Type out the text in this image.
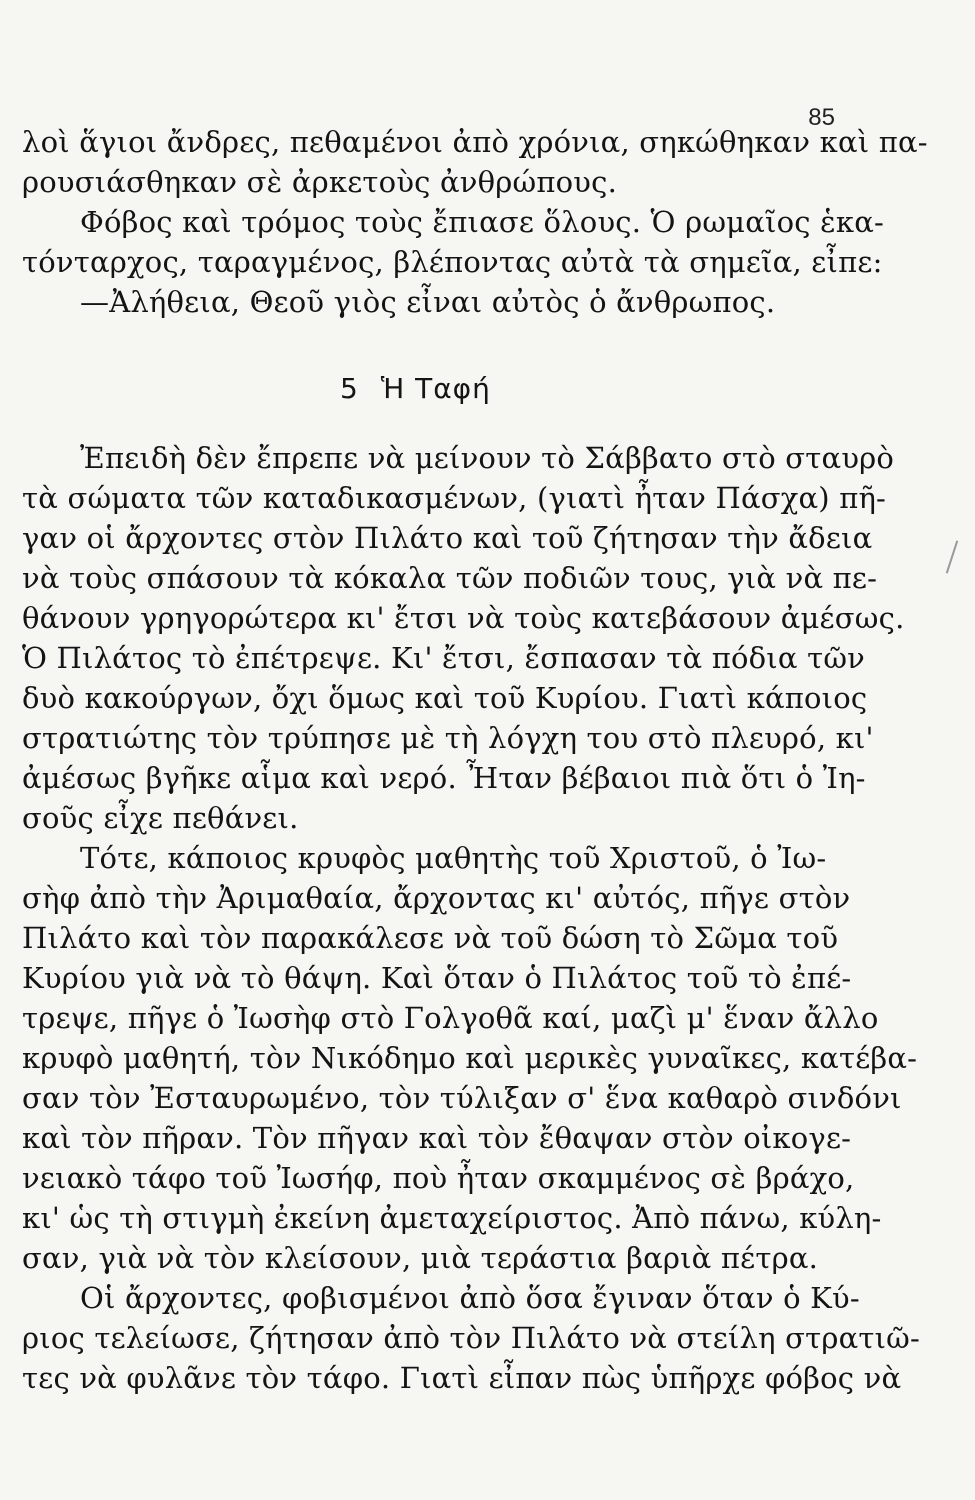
85
λοὶ ἅγιοι ἄνδρες, πεθαμένοι ἀπὸ χρόνια, σηκώθηκαν καὶ πα-
ρουσιάσθηκαν σὲ ἀρκετοὺς ἀνθρώπους.
Φόβος καὶ τρόμος τοὺς ἔπιασε ὅλους. Ὁ ρωμαῖος ἑκα-
τόνταρχος, ταραγμένος, βλέποντας αὐτὰ τὰ σημεῖα, εἶπε:
—Ἀλήθεια, Θεοῦ γιὸς εἶναι αὐτὸς ὁ ἄνθρωπος.
5 Ἡ Ταφή
Ἐπειδὴ δὲν ἔπρεπε νὰ μείνουν τὸ Σάββατο στὸ σταυρὸ
τὰ σώματα τῶν καταδικασμένων, (γιατὶ ἦταν Πάσχα) πῆ-
γαν οἱ ἄρχοντες στὸν Πιλάτο καὶ τοῦ ζήτησαν τὴν ἄδεια
νὰ τοὺς σπάσουν τὰ κόκαλα τῶν ποδιῶν τους, γιὰ νὰ πε-
θάνουν γρηγορώτερα κι' ἔτσι νὰ τοὺς κατεβάσουν ἀμέσως.
Ὁ Πιλάτος τὸ ἐπέτρεψε. Κι' ἔτσι, ἔσπασαν τὰ πόδια τῶν
δυὸ κακούργων, ὄχι ὅμως καὶ τοῦ Κυρίου. Γιατὶ κάποιος
στρατιώτης τὸν τρύπησε μὲ τὴ λόγχη του στὸ πλευρό, κι'
ἀμέσως βγῆκε αἷμα καὶ νερό. Ἦταν βέβαιοι πιὰ ὅτι ὁ Ἰη-
σοῦς εἶχε πεθάνει.
Τότε, κάποιος κρυφὸς μαθητὴς τοῦ Χριστοῦ, ὁ Ἰω-
σὴφ ἀπὸ τὴν Ἀριμαθαία, ἄρχοντας κι' αὐτός, πῆγε στὸν
Πιλάτο καὶ τὸν παρακάλεσε νὰ τοῦ δώση τὸ Σῶμα τοῦ
Κυρίου γιὰ νὰ τὸ θάψη. Καὶ ὅταν ὁ Πιλάτος τοῦ τὸ ἐπέ-
τρεψε, πῆγε ὁ Ἰωσὴφ στὸ Γολγοθᾶ καί, μαζὶ μ' ἕναν ἄλλο
κρυφὸ μαθητή, τὸν Νικόδημο καὶ μερικὲς γυναῖκες, κατέβα-
σαν τὸν Ἐσταυρωμένο, τὸν τύλιξαν σ' ἕνα καθαρὸ σινδόνι
καὶ τὸν πῆραν. Τὸν πῆγαν καὶ τὸν ἔθαψαν στὸν οἰκογε-
νειακὸ τάφο τοῦ Ἰωσήφ, ποὺ ἦταν σκαμμένος σὲ βράχο,
κι' ὡς τὴ στιγμὴ ἐκείνη ἀμεταχείριστος. Ἀπὸ πάνω, κύλη-
σαν, γιὰ νὰ τὸν κλείσουν, μιὰ τεράστια βαριὰ πέτρα.
Οἱ ἄρχοντες, φοβισμένοι ἀπὸ ὅσα ἔγιναν ὅταν ὁ Κύ-
ριος τελείωσε, ζήτησαν ἀπὸ τὸν Πιλάτο νὰ στείλη στρατιῶ-
τες νὰ φυλᾶνε τὸν τάφο. Γιατὶ εἶπαν πὼς ὑπῆρχε φόβος νὰ
